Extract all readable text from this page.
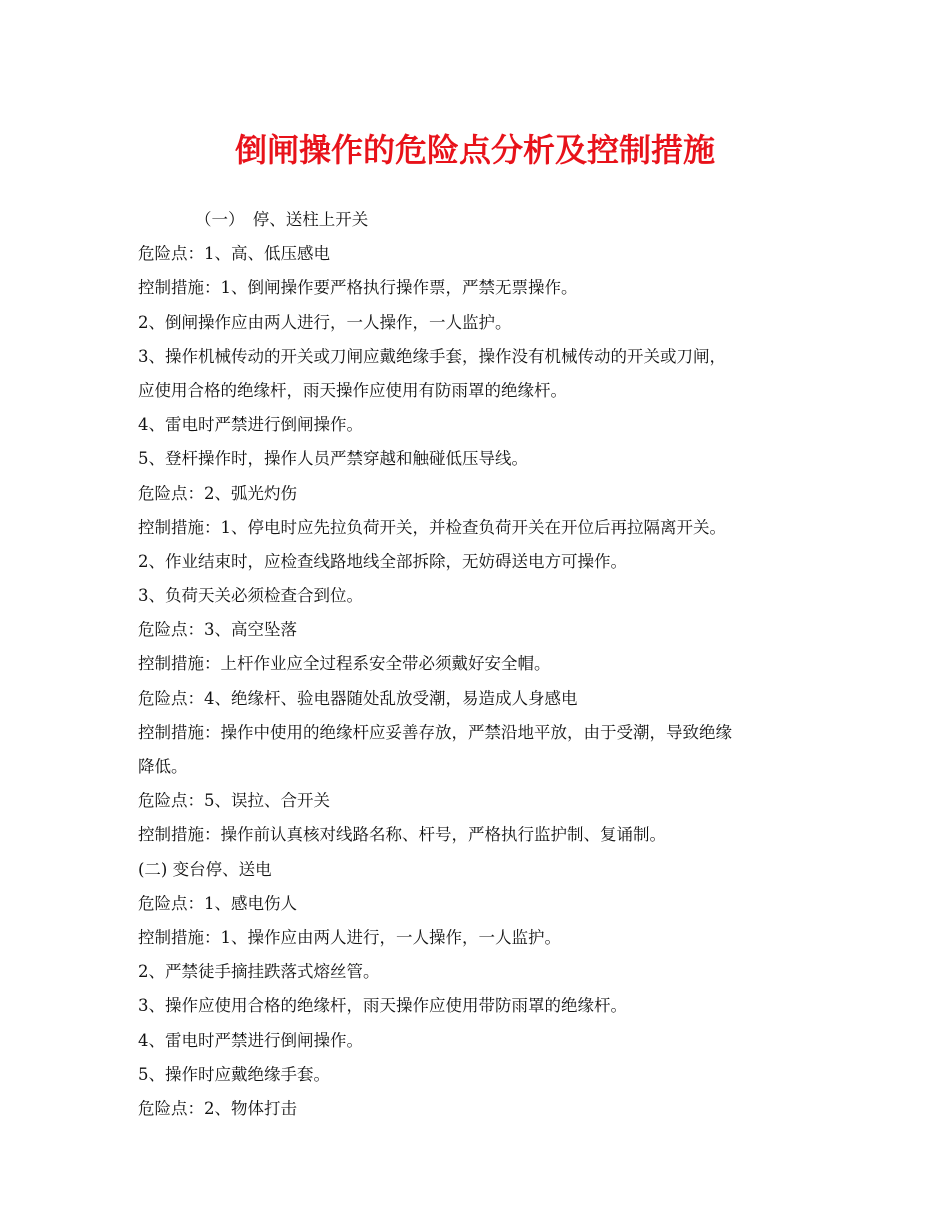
倒闸操作的危险点分析及控制措施
（一）　停、送柱上开关
危险点：1、高、低压感电
控制措施：1、倒闸操作要严格执行操作票，严禁无票操作。
2、倒闸操作应由两人进行，一人操作，一人监护。
3、操作机械传动的开关或刀闸应戴绝缘手套，操作没有机械传动的开关或刀闸，
应使用合格的绝缘杆，雨天操作应使用有防雨罩的绝缘杆。
4、雷电时严禁进行倒闸操作。
5、登杆操作时，操作人员严禁穿越和触碰低压导线。
危险点：2、弧光灼伤
控制措施：1、停电时应先拉负荷开关，并检查负荷开关在开位后再拉隔离开关。
2、作业结束时，应检查线路地线全部拆除，无妨碍送电方可操作。
3、负荷天关必须检查合到位。
危险点：3、高空坠落
控制措施：上杆作业应全过程系安全带必须戴好安全帽。
危险点：4、绝缘杆、验电器随处乱放受潮，易造成人身感电
控制措施：操作中使用的绝缘杆应妥善存放，严禁沿地平放，由于受潮，导致绝缘
降低。
危险点：5、误拉、合开关
控制措施：操作前认真核对线路名称、杆号，严格执行监护制、复诵制。
(二) 变台停、送电
危险点：1、感电伤人
控制措施：1、操作应由两人进行，一人操作，一人监护。
2、严禁徒手摘挂跌落式熔丝管。
3、操作应使用合格的绝缘杆，雨天操作应使用带防雨罩的绝缘杆。
4、雷电时严禁进行倒闸操作。
5、操作时应戴绝缘手套。
危险点：2、物体打击
